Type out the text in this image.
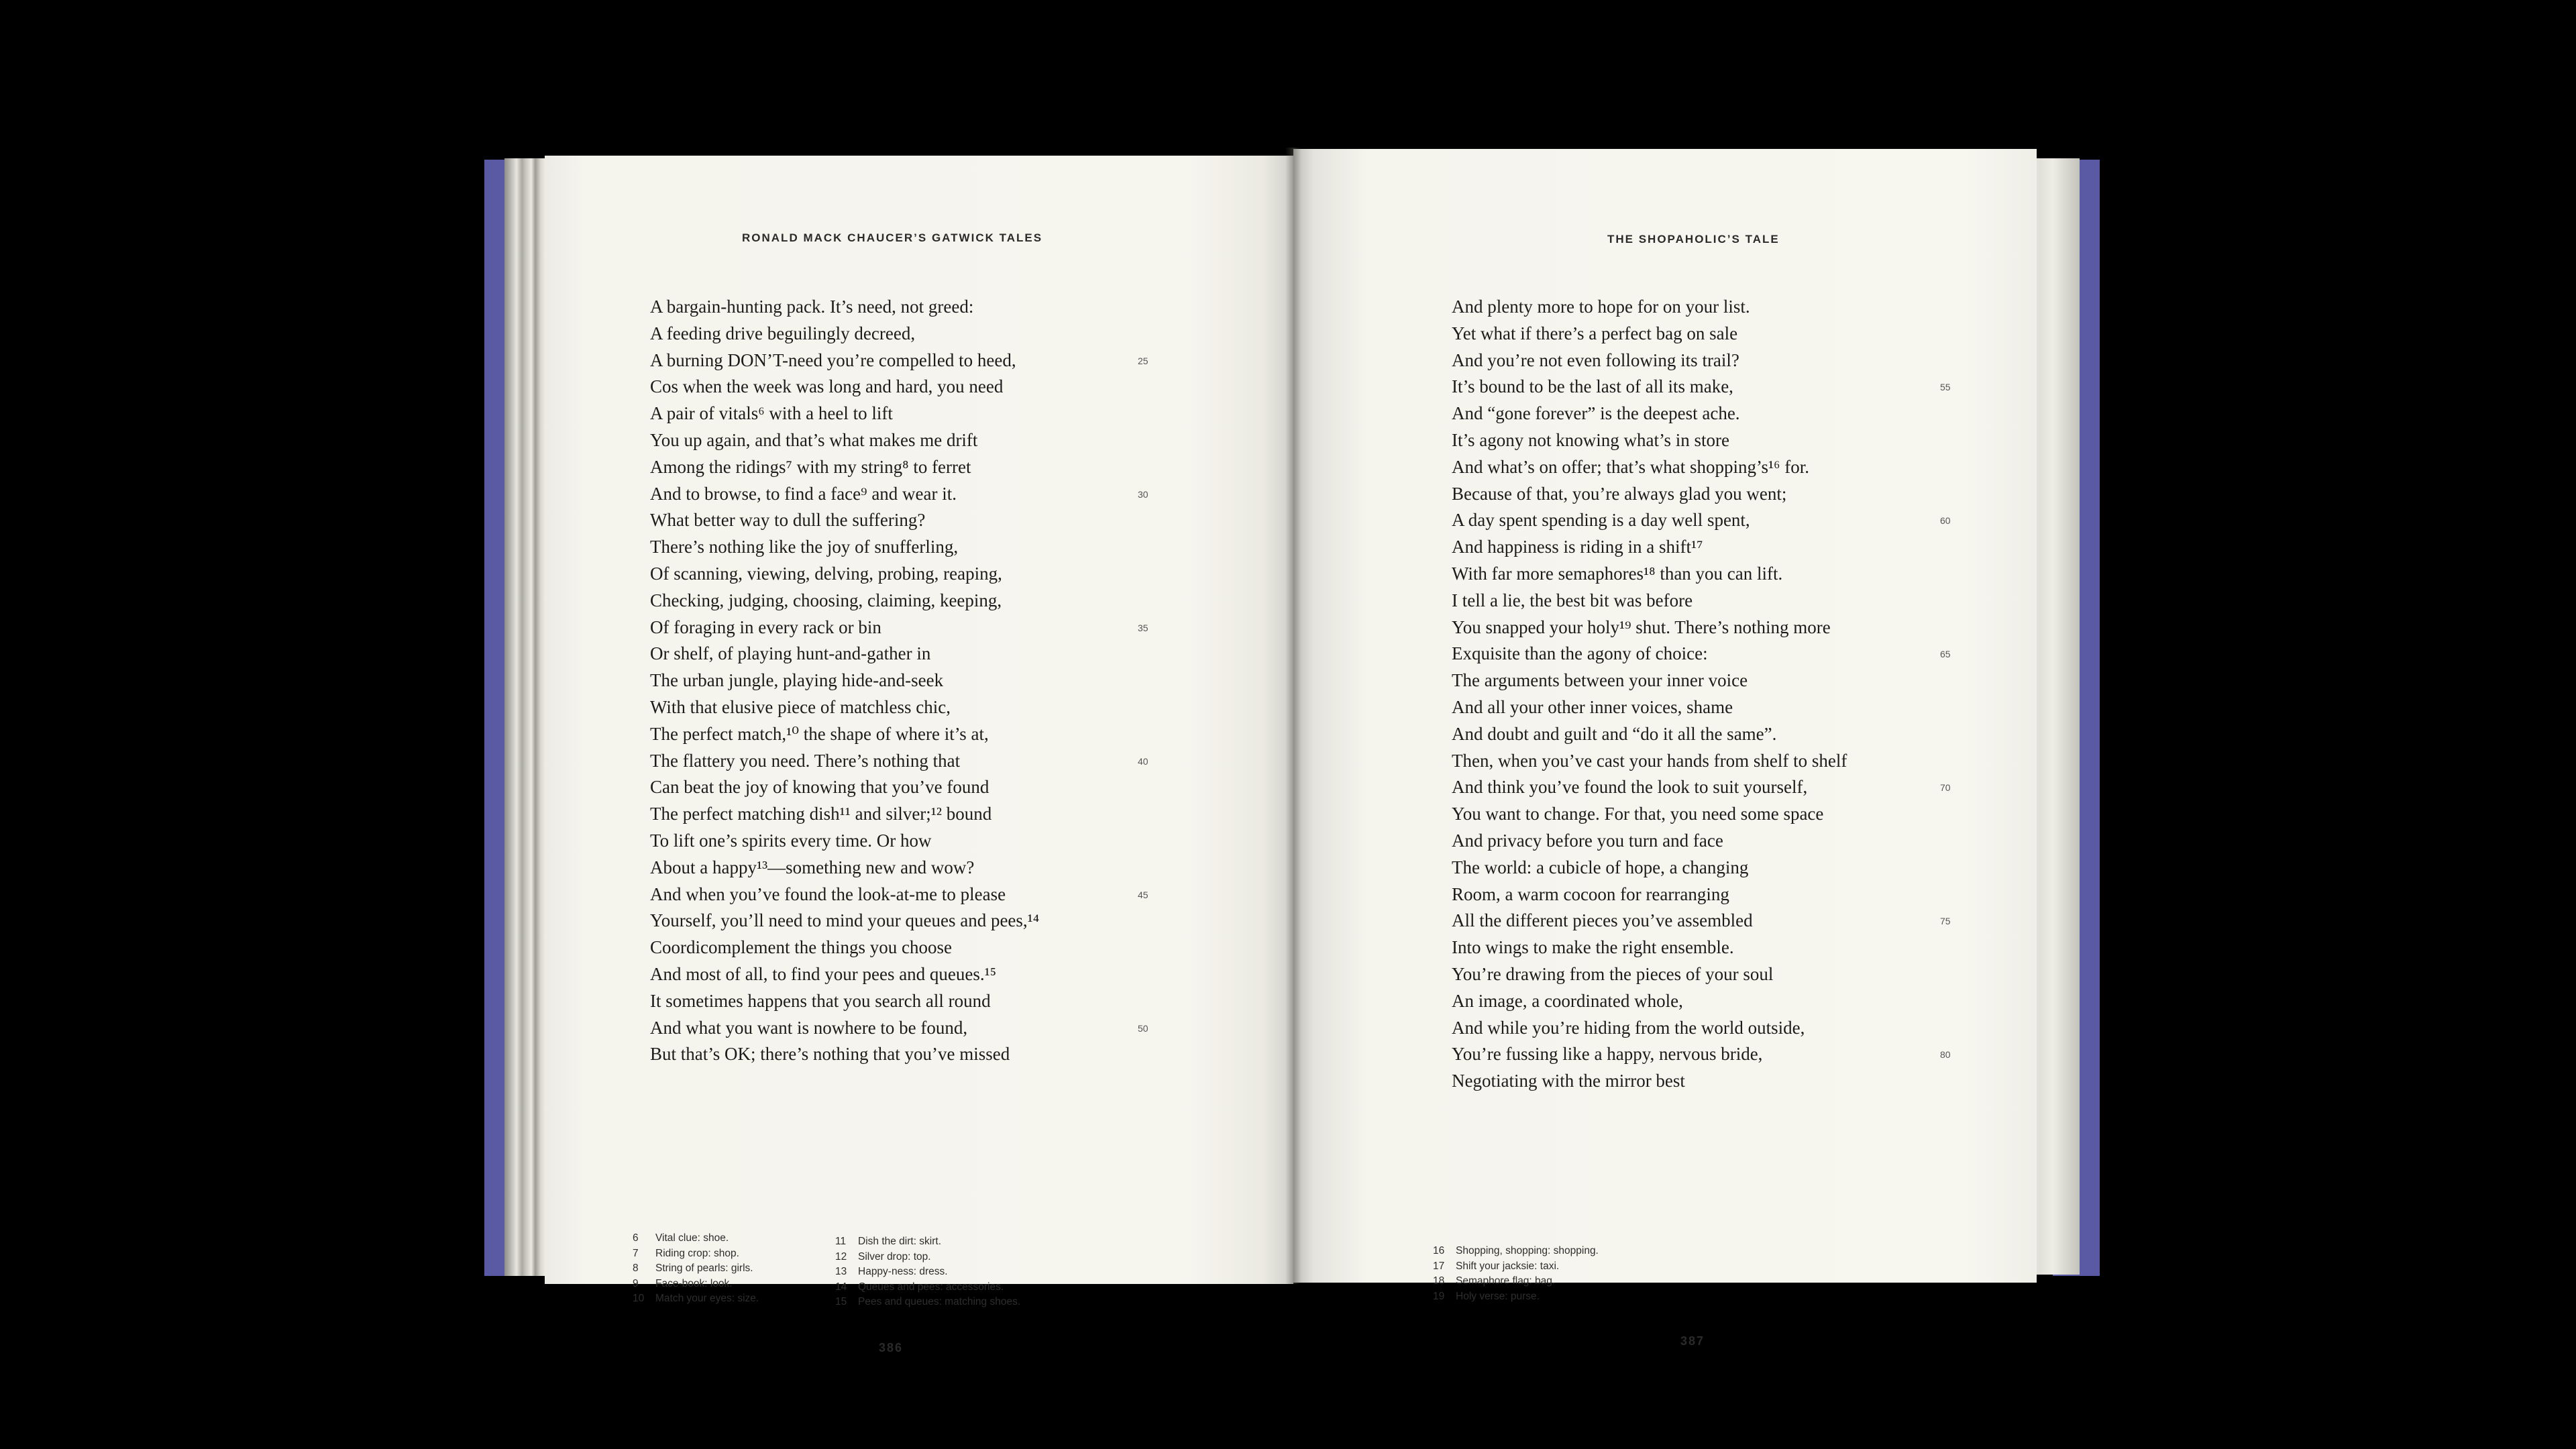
RONALD MACK CHAUCER’S GATWICK TALES
A bargain-hunting pack. It’s need, not greed:
A feeding drive beguilingly decreed,
A burning DON’T-need you’re compelled to heed,
Cos when the week was long and hard, you need
A pair of vitals⁶ with a heel to lift
You up again, and that’s what makes me drift
Among the ridings⁷ with my string⁸ to ferret
And to browse, to find a face⁹ and wear it.
What better way to dull the suffering?
There’s nothing like the joy of snufferling,
Of scanning, viewing, delving, probing, reaping,
Checking, judging, choosing, claiming, keeping,
Of foraging in every rack or bin
Or shelf, of playing hunt-and-gather in
The urban jungle, playing hide-and-seek
With that elusive piece of matchless chic,
The perfect match,¹⁰ the shape of where it’s at,
The flattery you need. There’s nothing that
Can beat the joy of knowing that you’ve found
The perfect matching dish¹¹ and silver;¹² bound
To lift one’s spirits every time. Or how
About a happy¹³—something new and wow?
And when you’ve found the look-at-me to please
Yourself, you’ll need to mind your queues and pees,¹⁴
Coordicomplement the things you choose
And most of all, to find your pees and queues.¹⁵
It sometimes happens that you search all round
And what you want is nowhere to be found,
But that’s OK; there’s nothing that you’ve missed
25
30
35
40
45
50
6 Vital clue: shoe.
7 Riding crop: shop.
8 String of pearls: girls.
9 Face-book: look.
10 Match your eyes: size.
11 Dish the dirt: skirt.
12 Silver drop: top.
13 Happy-ness: dress.
14 Queues and pees: accessories.
15 Pees and queues: matching shoes.
386
THE SHOPAHOLIC’S TALE
And plenty more to hope for on your list.
Yet what if there’s a perfect bag on sale
And you’re not even following its trail?
It’s bound to be the last of all its make,
And “gone forever” is the deepest ache.
It’s agony not knowing what’s in store
And what’s on offer; that’s what shopping’s¹⁶ for.
Because of that, you’re always glad you went;
A day spent spending is a day well spent,
And happiness is riding in a shift¹⁷
With far more semaphores¹⁸ than you can lift.
I tell a lie, the best bit was before
You snapped your holy¹⁹ shut. There’s nothing more
Exquisite than the agony of choice:
The arguments between your inner voice
And all your other inner voices, shame
And doubt and guilt and “do it all the same”.
Then, when you’ve cast your hands from shelf to shelf
And think you’ve found the look to suit yourself,
You want to change. For that, you need some space
And privacy before you turn and face
The world: a cubicle of hope, a changing
Room, a warm cocoon for rearranging
All the different pieces you’ve assembled
Into wings to make the right ensemble.
You’re drawing from the pieces of your soul
An image, a coordinated whole,
And while you’re hiding from the world outside,
You’re fussing like a happy, nervous bride,
Negotiating with the mirror best
55
60
65
70
75
80
16 Shopping, shopping: shopping.
17 Shift your jacksie: taxi.
18 Semaphore flag: bag.
19 Holy verse: purse.
387
